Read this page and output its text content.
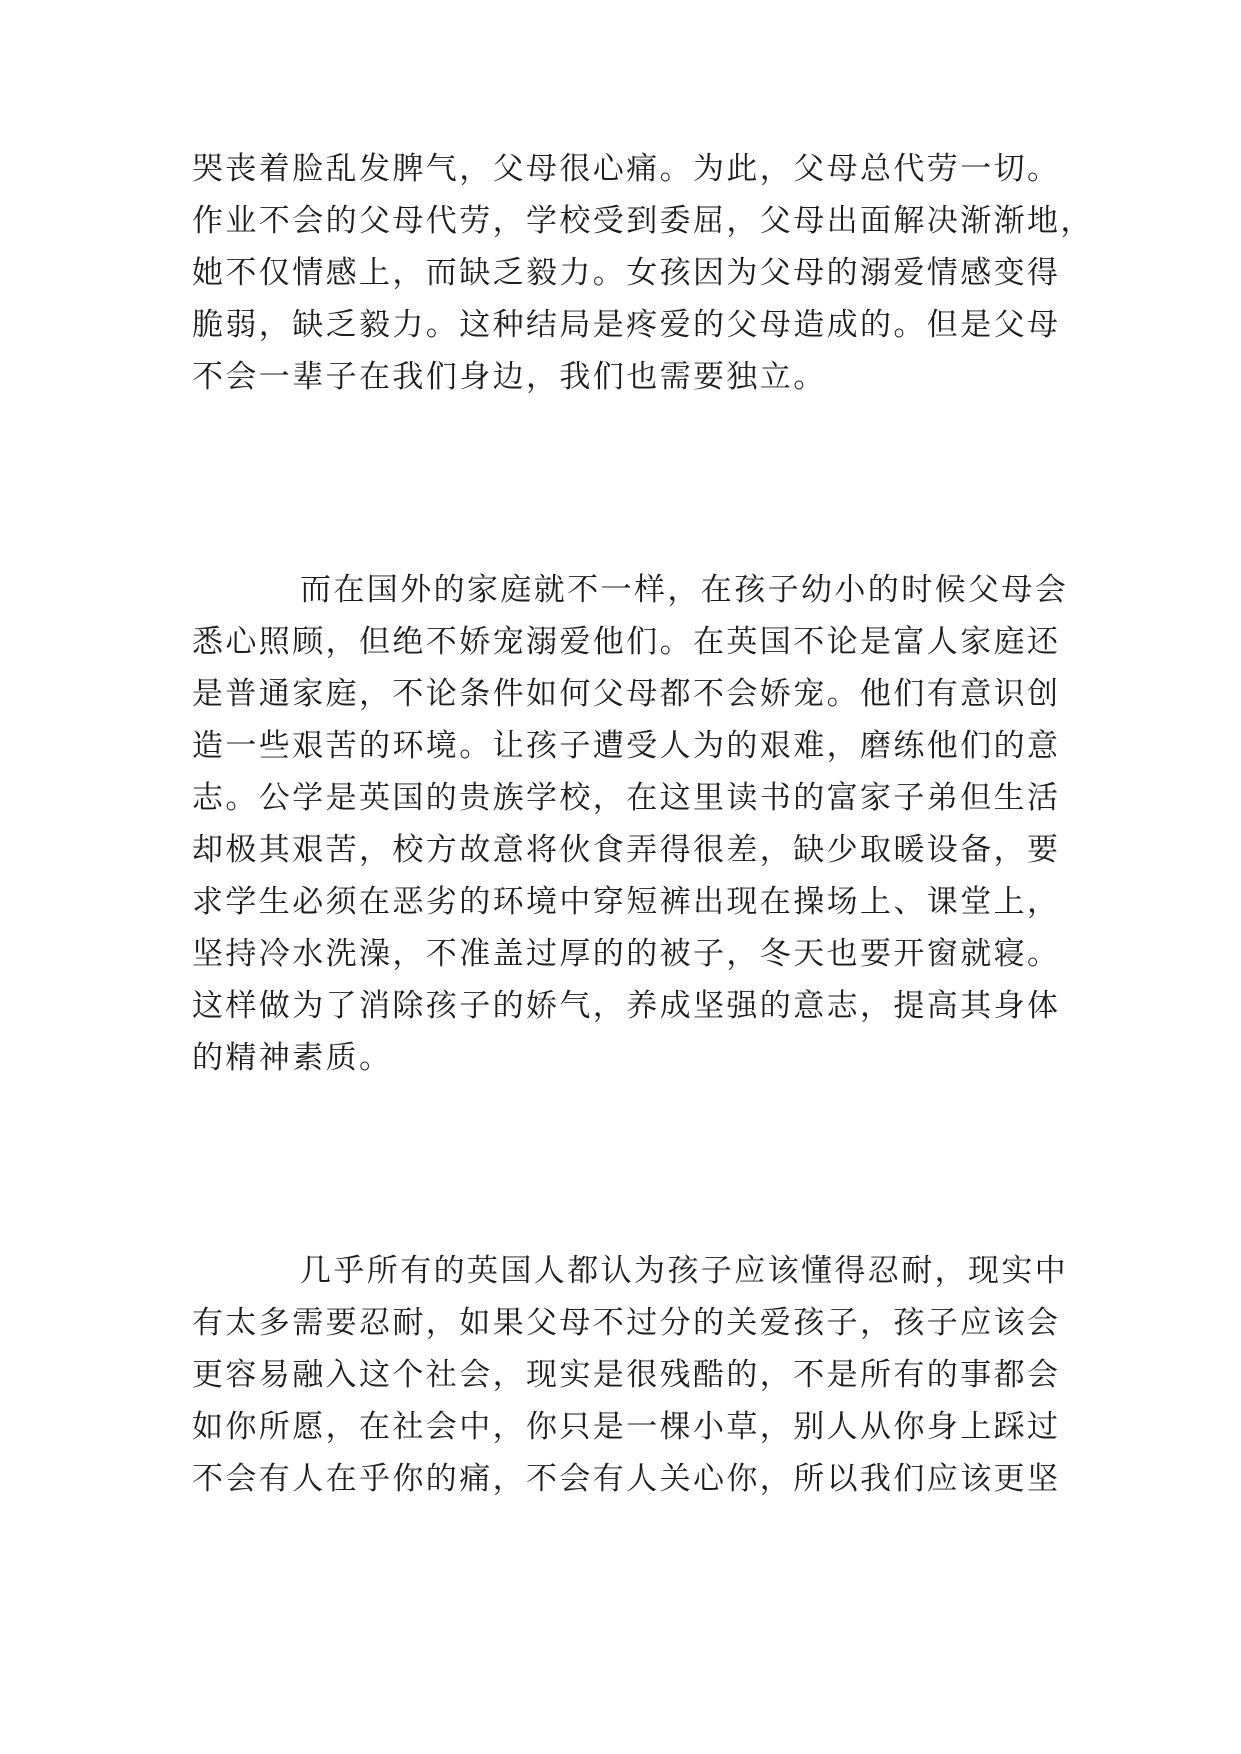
哭丧着脸乱发脾气，父母很心痛。为此，父母总代劳一切。
作业不会的父母代劳，学校受到委屈，父母出面解决渐渐地，
她不仅情感上，而缺乏毅力。女孩因为父母的溺爱情感变得
脆弱，缺乏毅力。这种结局是疼爱的父母造成的。但是父母
不会一辈子在我们身边，我们也需要独立。
而在国外的家庭就不一样，在孩子幼小的时候父母会
悉心照顾，但绝不娇宠溺爱他们。在英国不论是富人家庭还
是普通家庭，不论条件如何父母都不会娇宠。他们有意识创
造一些艰苦的环境。让孩子遭受人为的艰难，磨练他们的意
志。公学是英国的贵族学校，在这里读书的富家子弟但生活
却极其艰苦，校方故意将伙食弄得很差，缺少取暖设备，要
求学生必须在恶劣的环境中穿短裤出现在操场上、课堂上，
坚持冷水洗澡，不准盖过厚的的被子，冬天也要开窗就寝。
这样做为了消除孩子的娇气，养成坚强的意志，提高其身体
的精神素质。
几乎所有的英国人都认为孩子应该懂得忍耐，现实中
有太多需要忍耐，如果父母不过分的关爱孩子，孩子应该会
更容易融入这个社会，现实是很残酷的，不是所有的事都会
如你所愿，在社会中，你只是一棵小草，别人从你身上踩过
不会有人在乎你的痛，不会有人关心你，所以我们应该更坚
